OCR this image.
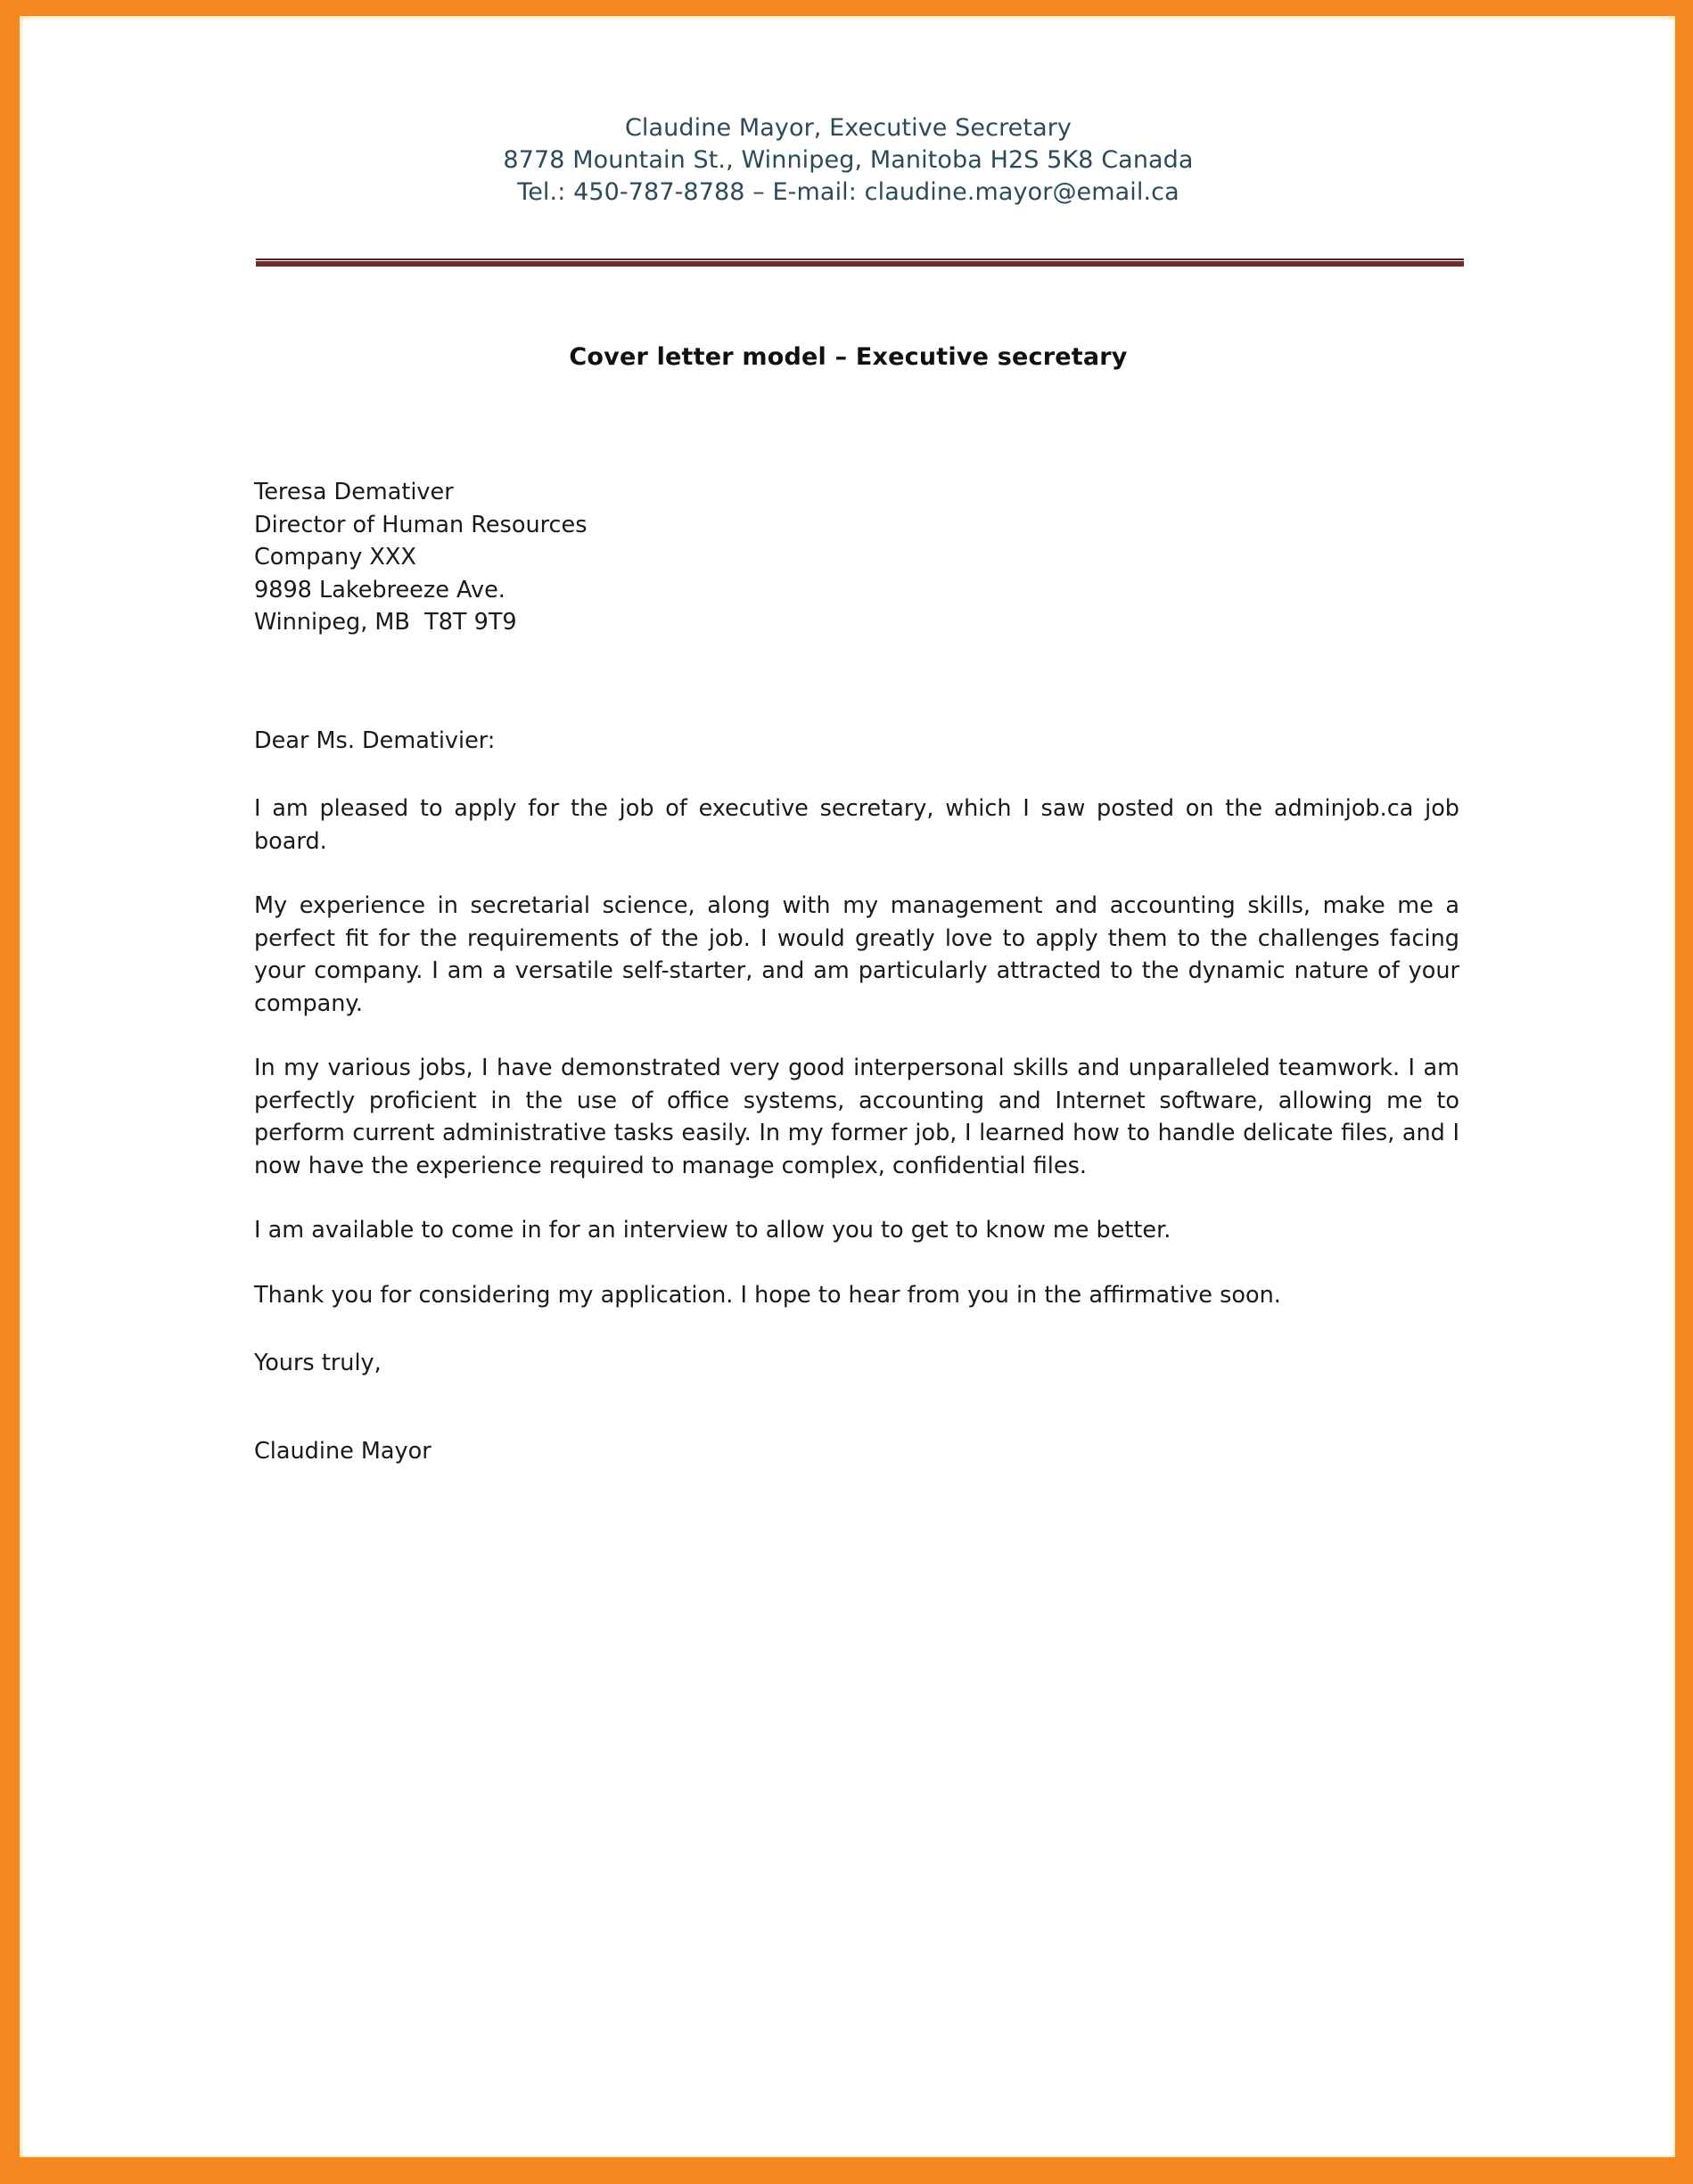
Claudine Mayor, Executive Secretary
8778 Mountain St., Winnipeg, Manitoba H2S 5K8 Canada
Tel.: 450-787-8788 – E-mail: claudine.mayor@email.ca
Cover letter model – Executive secretary
Teresa Demativer
Director of Human Resources
Company XXX
9898 Lakebreeze Ave.
Winnipeg, MB  T8T 9T9
Dear Ms. Demativier:

I am pleased to apply for the job of executive secretary, which I saw posted on the adminjob.ca job board.

My experience in secretarial science, along with my management and accounting skills, make me a perfect fit for the requirements of the job. I would greatly love to apply them to the challenges facing your company. I am a versatile self-starter, and am particularly attracted to the dynamic nature of your company.

In my various jobs, I have demonstrated very good interpersonal skills and unparalleled teamwork. I am perfectly proficient in the use of office systems, accounting and Internet software, allowing me to perform current administrative tasks easily. In my former job, I learned how to handle delicate files, and I now have the experience required to manage complex, confidential files.

I am available to come in for an interview to allow you to get to know me better.

Thank you for considering my application. I hope to hear from you in the affirmative soon.

Yours truly,
Claudine Mayor
